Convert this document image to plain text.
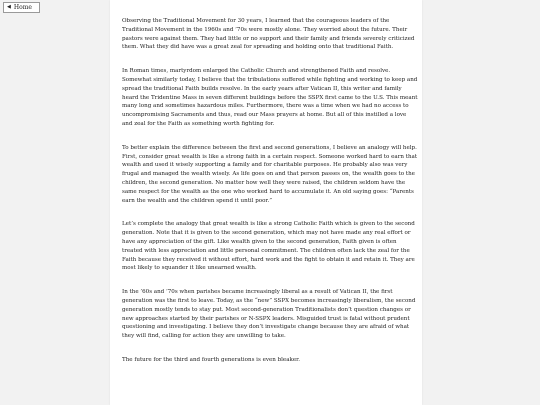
◀ Home

Observing the Traditional Movement for 30 years, I learned that the courageous leaders of the Traditional Movement in the 1960s and ’70s were mostly alone. They worried about the future. Their pastors were against them. They had little or no support and their family and friends severely criticized them. What they did have was a great zeal for spreading and holding onto that traditional Faith.

In Roman times, martyrdom enlarged the Catholic Church and strengthened Faith and resolve. Somewhat similarly today, I believe that the tribulations suffered while fighting and working to keep and spread the traditional Faith builds resolve. In the early years after Vatican II, this writer and family heard the Tridentine Mass in seven different buildings before the SSPX first came to the U.S. This meant many long and sometimes hazardous miles. Furthermore, there was a time when we had no access to uncompromising Sacraments and thus, read our Mass prayers at home. But all of this instilled a love and zeal for the Faith as something worth fighting for.

To better explain the difference between the first and second generations, I believe an analogy will help. First, consider great wealth is like a strong faith in a certain respect. Someone worked hard to earn that wealth and used it wisely supporting a family and for charitable purposes. He probably also was very frugal and managed the wealth wisely. As life goes on and that person passes on, the wealth goes to the children, the second generation. No matter how well they were raised, the children seldom have the same respect for the wealth as the one who worked hard to accumulate it. An old saying goes: “Parents earn the wealth and the children spend it until poor.”

Let’s complete the analogy that great wealth is like a strong Catholic Faith which is given to the second generation. Note that it is given to the second generation, which may not have made any real effort or have any appreciation of the gift. Like wealth given to the second generation, Faith given is often treated with less appreciation and little personal commitment. The children often lack the zeal for the Faith because they received it without effort, hard work and the fight to obtain it and retain it. They are most likely to squander it like unearned wealth.

In the ’60s and ’70s when parishes became increasingly liberal as a result of Vatican II, the first generation was the first to leave. Today, as the “new” SSPX becomes increasingly liberalism, the second generation mostly tends to stay put. Most second-generation Traditionalists don’t question changes or new approaches started by their parishes or N-SSPX leaders. Misguided trust is fatal without prudent questioning and investigating. I believe they don’t investigate change because they are afraid of what they will find, calling for action they are unwilling to take.

The future for the third and fourth generations is even bleaker.
